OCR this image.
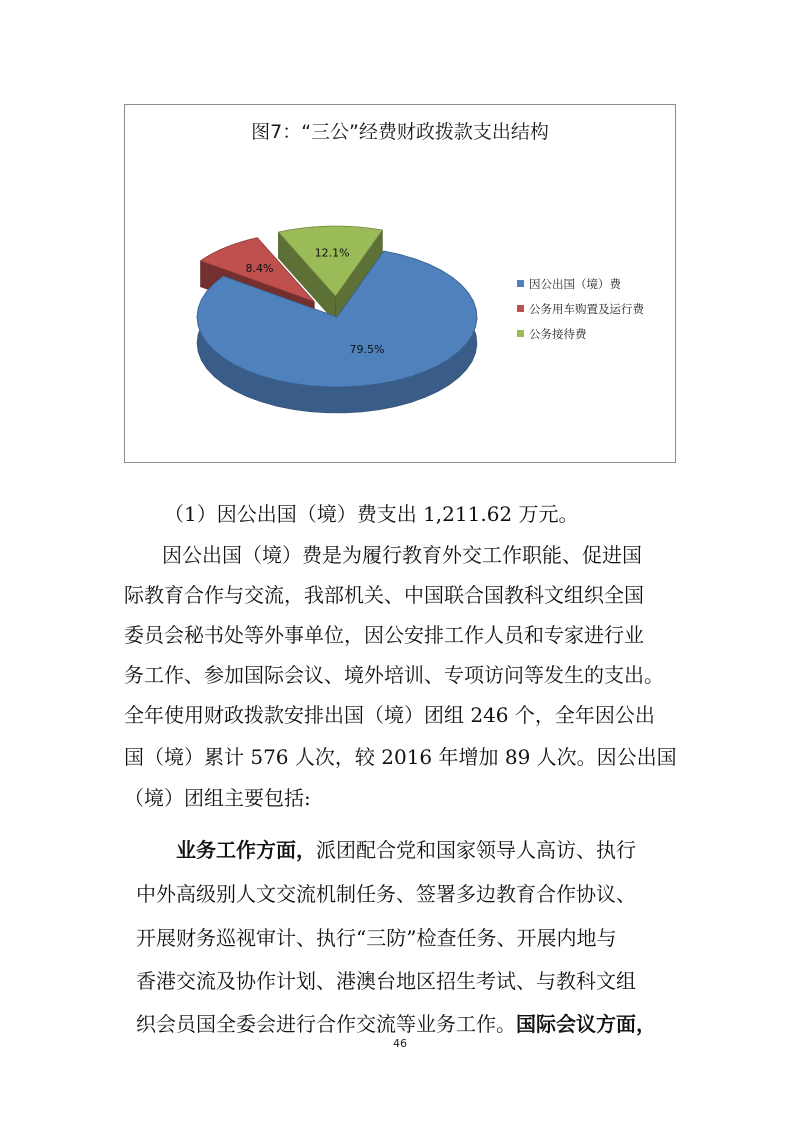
图7：“三公”经费财政拨款支出结构
8.4%
12.1%
79.5%
因公出国（境）费
公务用车购置及运行费
公务接待费
（1）因公出国（境）费支出 1,211.62 万元。
因公出国（境）费是为履行教育外交工作职能、促进国
际教育合作与交流，我部机关、中国联合国教科文组织全国
委员会秘书处等外事单位，因公安排工作人员和专家进行业
务工作、参加国际会议、境外培训、专项访问等发生的支出。
全年使用财政拨款安排出国（境）团组 246 个，全年因公出
国（境）累计 576 人次，较 2016 年增加 89 人次。因公出国
（境）团组主要包括:
业务工作方面，派团配合党和国家领导人高访、执行
中外高级别人文交流机制任务、签署多边教育合作协议、
开展财务巡视审计、执行“三防”检查任务、开展内地与
香港交流及协作计划、港澳台地区招生考试、与教科文组
织会员国全委会进行合作交流等业务工作。国际会议方面，
46
